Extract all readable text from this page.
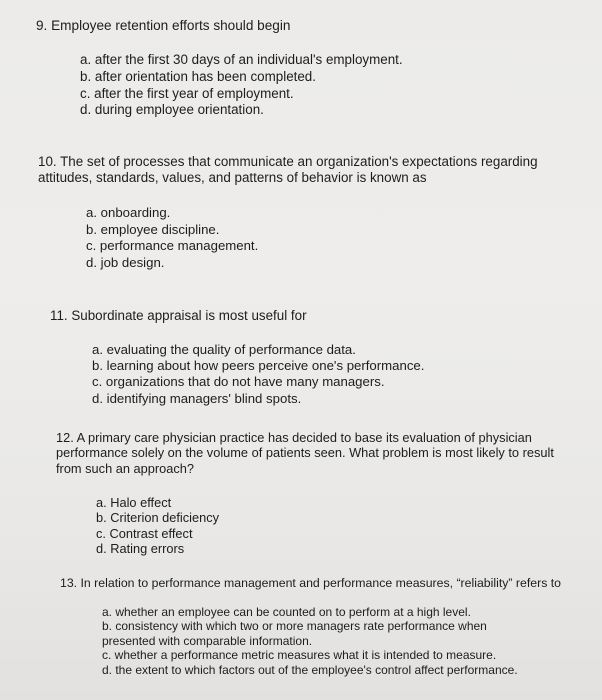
9. Employee retention efforts should begin

a. after the first 30 days of an individual's employment.
b. after orientation has been completed.
c. after the first year of employment.
d. during employee orientation.

10. The set of processes that communicate an organization's expectations regarding attitudes, standards, values, and patterns of behavior is known as

a. onboarding.
b. employee discipline.
c. performance management.
d. job design.

11. Subordinate appraisal is most useful for

a. evaluating the quality of performance data.
b. learning about how peers perceive one's performance.
c. organizations that do not have many managers.
d. identifying managers' blind spots.

12. A primary care physician practice has decided to base its evaluation of physician performance solely on the volume of patients seen. What problem is most likely to result from such an approach?

a. Halo effect
b. Criterion deficiency
c. Contrast effect
d. Rating errors

13. In relation to performance management and performance measures, “reliability” refers to

a. whether an employee can be counted on to perform at a high level.
b. consistency with which two or more managers rate performance when
presented with comparable information.
c. whether a performance metric measures what it is intended to measure.
d. the extent to which factors out of the employee's control affect performance.
